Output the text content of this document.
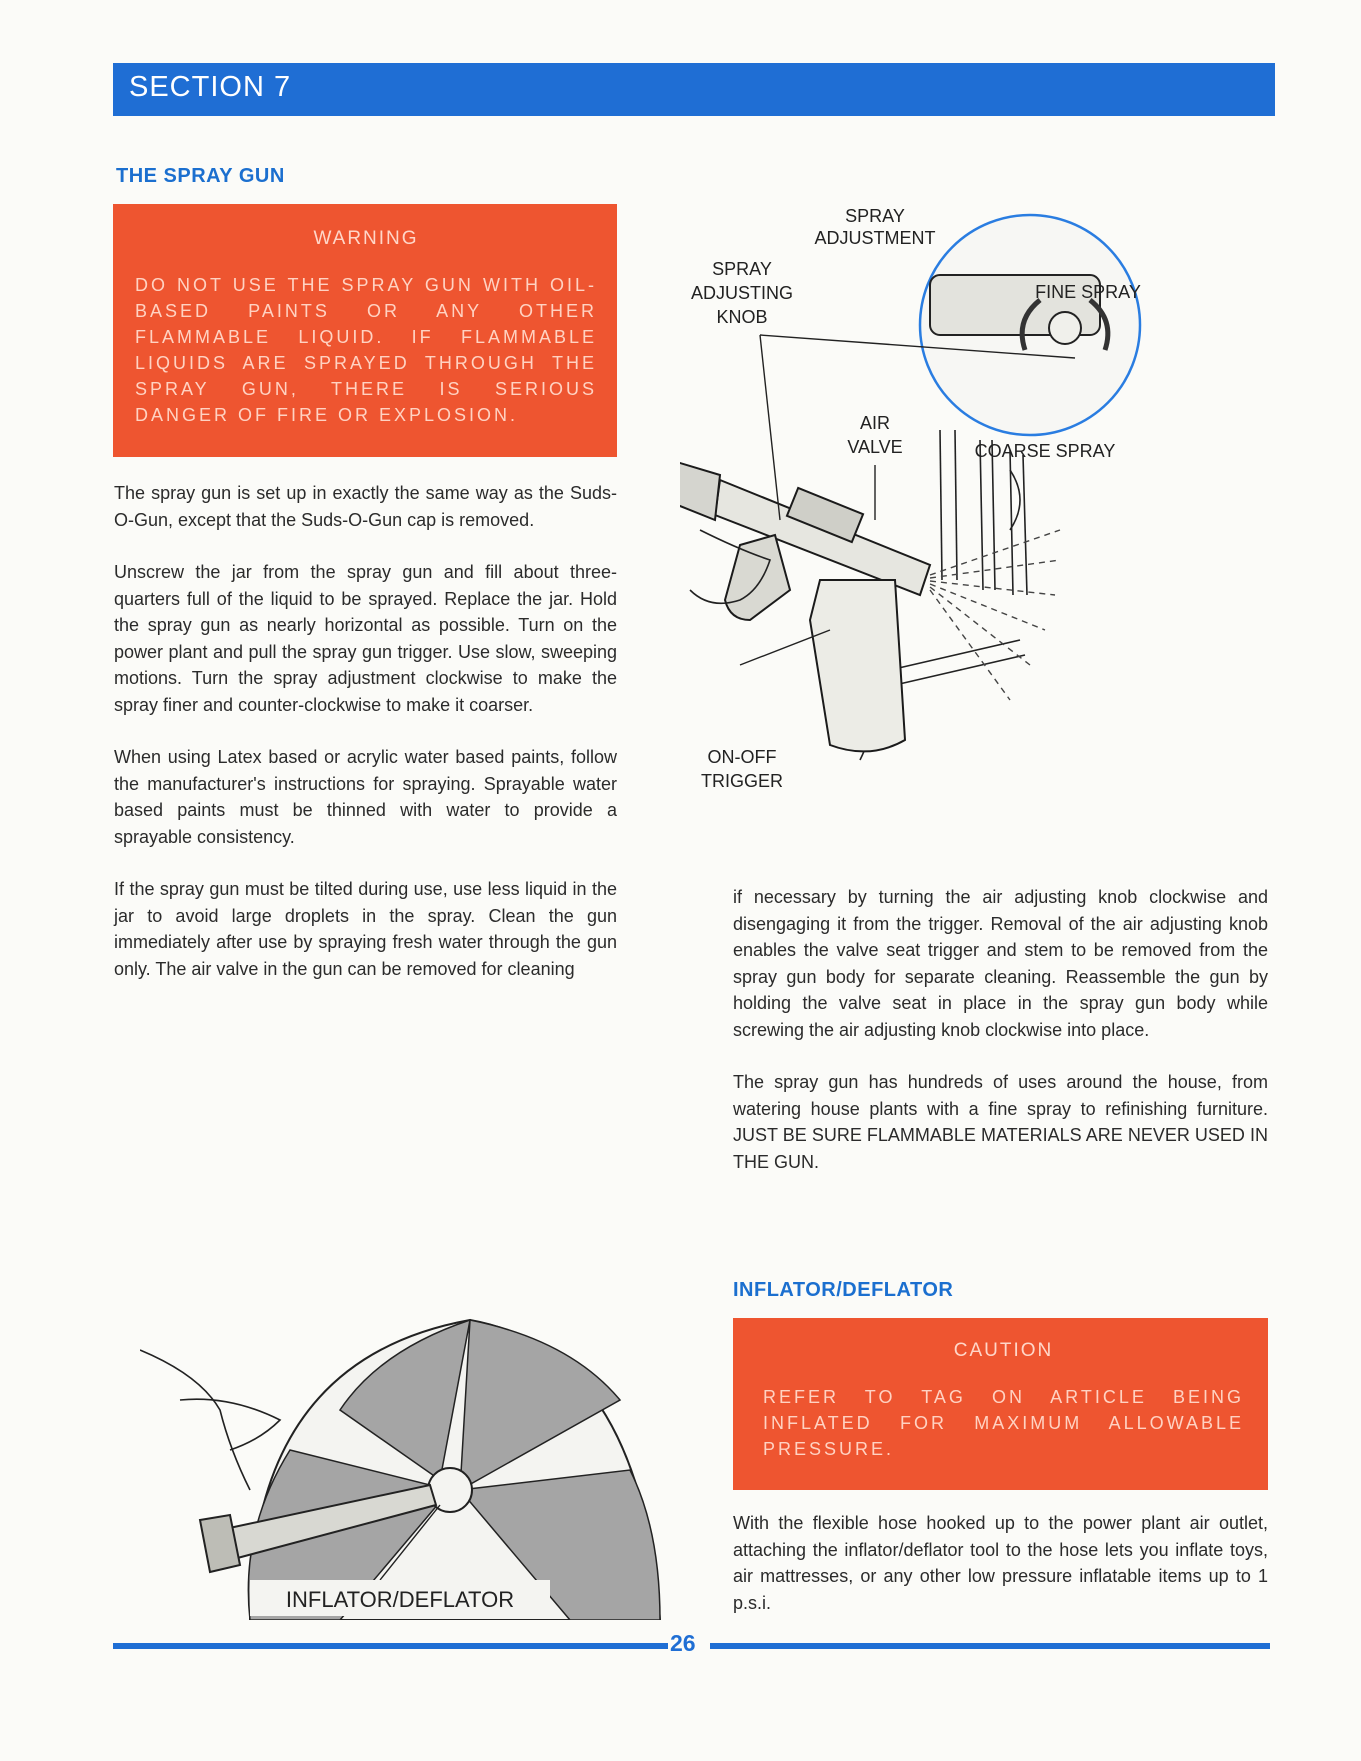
SECTION 7
THE SPRAY GUN
WARNING
DO NOT USE THE SPRAY GUN WITH OIL-BASED PAINTS OR ANY OTHER FLAMMABLE LIQUID. IF FLAMMABLE LIQUIDS ARE SPRAYED THROUGH THE SPRAY GUN, THERE IS SERIOUS DANGER OF FIRE OR EXPLOSION.

The spray gun is set up in exactly the same way as the Suds-O-Gun, except that the Suds-O-Gun cap is removed.

Unscrew the jar from the spray gun and fill about three-quarters full of the liquid to be sprayed. Replace the jar. Hold the spray gun as nearly horizontal as possible. Turn on the power plant and pull the spray gun trigger. Use slow, sweeping motions. Turn the spray adjustment clockwise to make the spray finer and counter-clockwise to make it coarser.

When using Latex based or acrylic water based paints, follow the manufacturer's instructions for spraying. Sprayable water based paints must be thinned with water to provide a sprayable consistency.

If the spray gun must be tilted during use, use less liquid in the jar to avoid large droplets in the spray. Clean the gun immediately after use by spraying fresh water through the gun only. The air valve in the gun can be removed for cleaning

SPRAY
ADJUSTMENT
SPRAY
ADJUSTING
KNOB
FINE SPRAY
COARSE SPRAY
AIR
VALVE
ON-OFF
TRIGGER

if necessary by turning the air adjusting knob clockwise and disengaging it from the trigger. Removal of the air adjusting knob enables the valve seat trigger and stem to be removed from the spray gun body for separate cleaning. Reassemble the gun by holding the valve seat in place in the spray gun body while screwing the air adjusting knob clockwise into place.

The spray gun has hundreds of uses around the house, from watering house plants with a fine spray to refinishing furniture. JUST BE SURE FLAMMABLE MATERIALS ARE NEVER USED IN THE GUN.

INFLATOR/DEFLATOR
CAUTION
REFER TO TAG ON ARTICLE BEING INFLATED FOR MAXIMUM ALLOWABLE PRESSURE.
With the flexible hose hooked up to the power plant air outlet, attaching the inflator/deflator tool to the hose lets you inflate toys, air mattresses, or any other low pressure inflatable items up to 1 p.s.i.
INFLATOR/DEFLATOR
26
